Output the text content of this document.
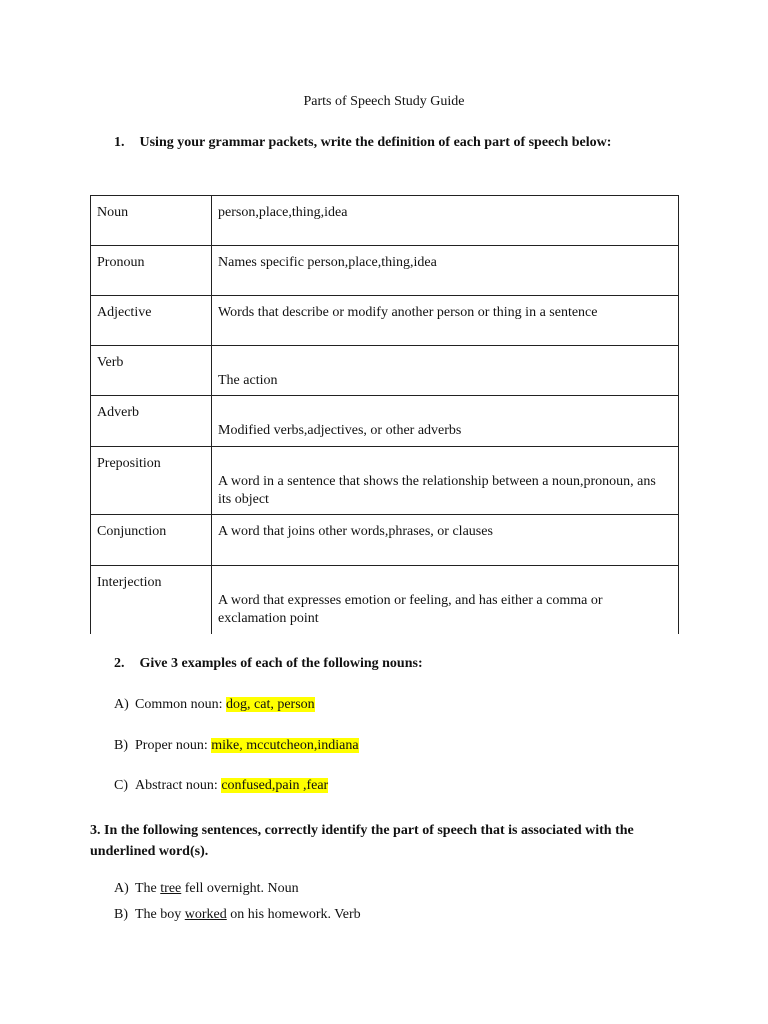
Parts of Speech Study Guide
1. Using your grammar packets, write the definition of each part of speech below:
Noun	person,place,thing,idea

Pronoun	Names specific person,place,thing,idea

Adjective	Words that describe or modify another person or thing in a sentence

Verb	The action

Adverb	Modified verbs,adjectives, or other adverbs

Preposition	A word in a sentence that shows the relationship between a noun,pronoun, ans its object

Conjunction	A word that joins other words,phrases, or clauses

Interjection	A word that expresses emotion or feeling, and has either a comma or exclamation point
2. Give 3 examples of each of the following nouns:
A) Common noun: dog, cat, person
B) Proper noun: mike, mccutcheon,indiana
C) Abstract noun: confused,pain ,fear
3. In the following sentences, correctly identify the part of speech that is associated with the underlined word(s).
A) The tree fell overnight. Noun
B) The boy worked on his homework. Verb
